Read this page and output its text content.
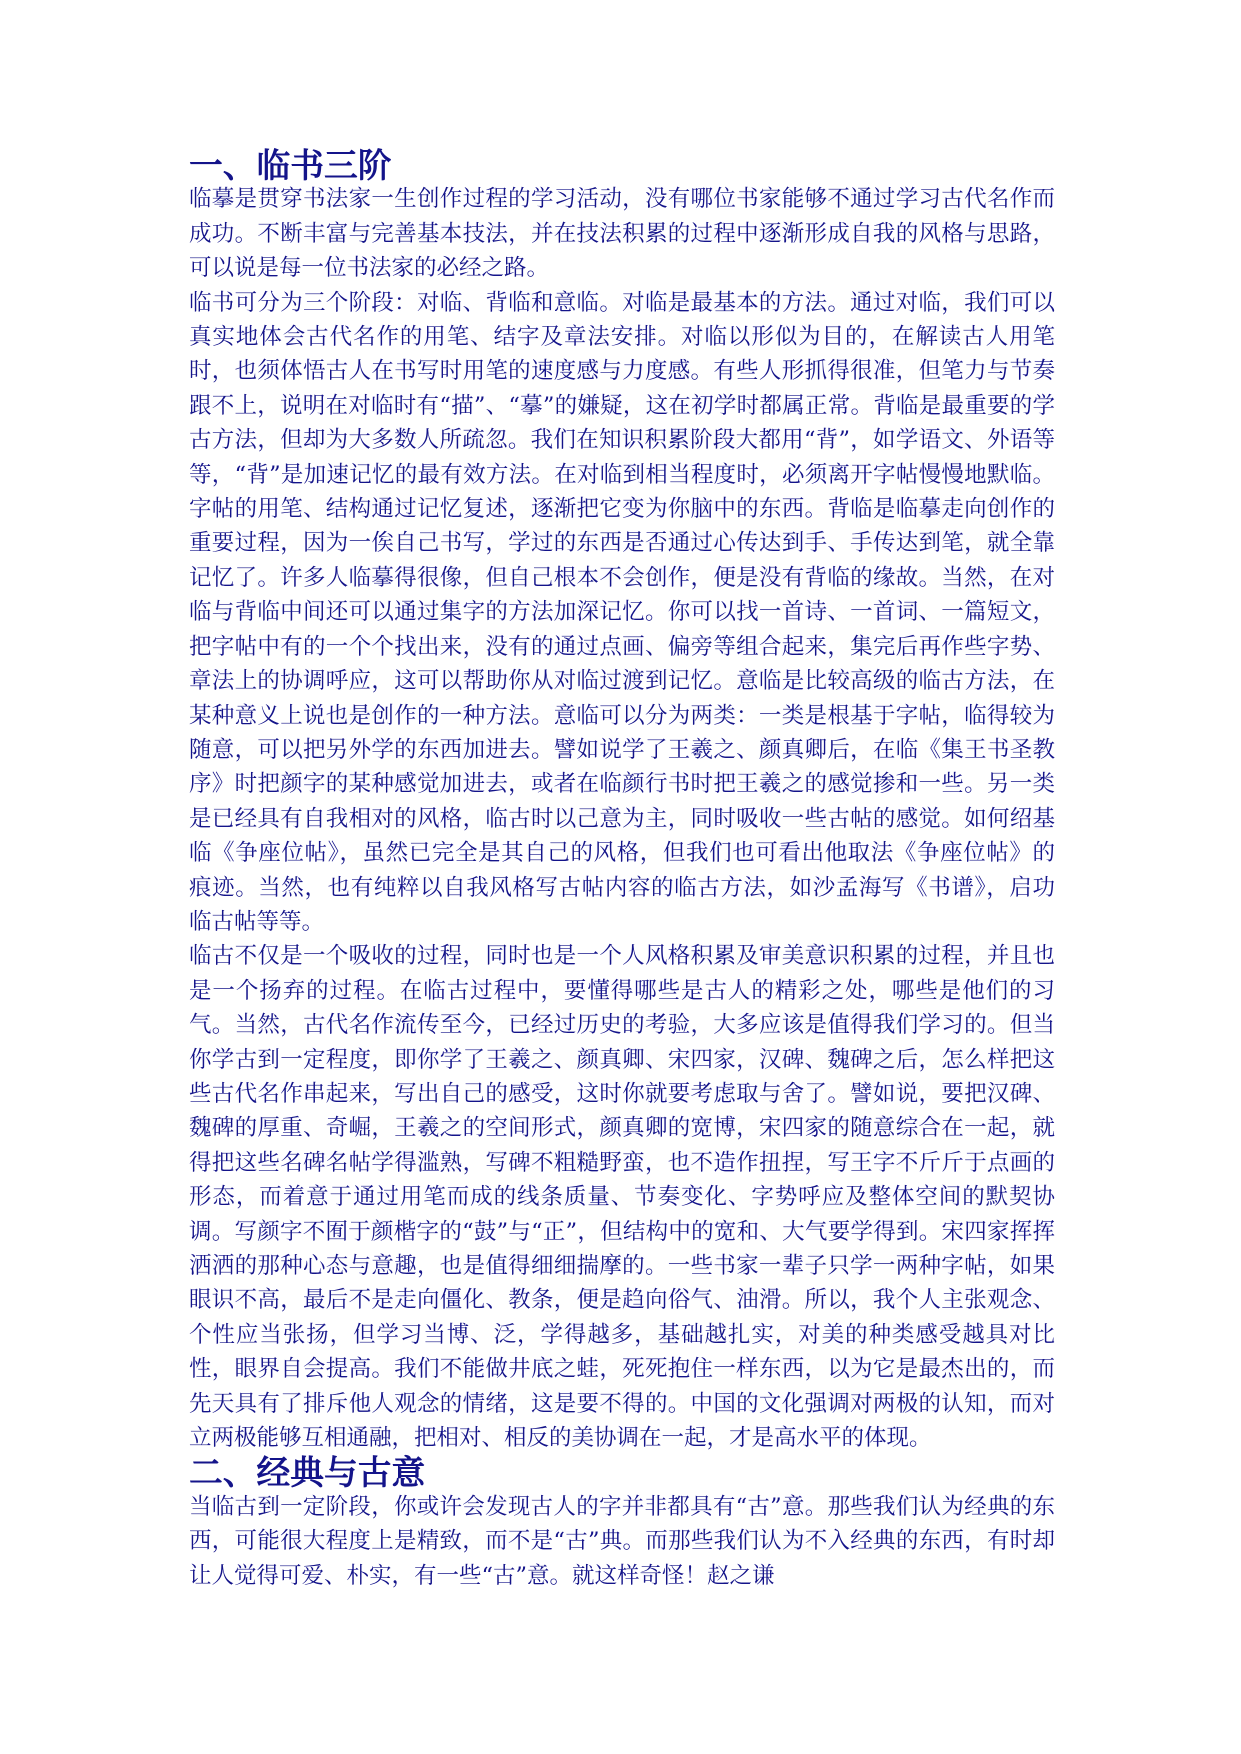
一、临书三阶

临摹是贯穿书法家一生创作过程的学习活动，没有哪位书家能够不通过学习古代名作而成功。不断丰富与完善基本技法，并在技法积累的过程中逐渐形成自我的风格与思路，可以说是每一位书法家的必经之路。

临书可分为三个阶段：对临、背临和意临。对临是最基本的方法。通过对临，我们可以真实地体会古代名作的用笔、结字及章法安排。对临以形似为目的，在解读古人用笔时，也须体悟古人在书写时用笔的速度感与力度感。有些人形抓得很准，但笔力与节奏跟不上，说明在对临时有“描”、“摹”的嫌疑，这在初学时都属正常。背临是最重要的学古方法，但却为大多数人所疏忽。我们在知识积累阶段大都用“背”，如学语文、外语等等，“背”是加速记忆的最有效方法。在对临到相当程度时，必须离开字帖慢慢地默临。字帖的用笔、结构通过记忆复述，逐渐把它变为你脑中的东西。背临是临摹走向创作的重要过程，因为一俟自己书写，学过的东西是否通过心传达到手、手传达到笔，就全靠记忆了。许多人临摹得很像，但自己根本不会创作，便是没有背临的缘故。当然，在对临与背临中间还可以通过集字的方法加深记忆。你可以找一首诗、一首词、一篇短文，把字帖中有的一个个找出来，没有的通过点画、偏旁等组合起来，集完后再作些字势、章法上的协调呼应，这可以帮助你从对临过渡到记忆。意临是比较高级的临古方法，在某种意义上说也是创作的一种方法。意临可以分为两类：一类是根基于字帖，临得较为随意，可以把另外学的东西加进去。譬如说学了王羲之、颜真卿后，在临《集王书圣教序》时把颜字的某种感觉加进去，或者在临颜行书时把王羲之的感觉掺和一些。另一类是已经具有自我相对的风格，临古时以己意为主，同时吸收一些古帖的感觉。如何绍基临《争座位帖》，虽然已完全是其自己的风格，但我们也可看出他取法《争座位帖》的痕迹。当然，也有纯粹以自我风格写古帖内容的临古方法，如沙孟海写《书谱》，启功临古帖等等。

临古不仅是一个吸收的过程，同时也是一个人风格积累及审美意识积累的过程，并且也是一个扬弃的过程。在临古过程中，要懂得哪些是古人的精彩之处，哪些是他们的习气。当然，古代名作流传至今，已经过历史的考验，大多应该是值得我们学习的。但当你学古到一定程度，即你学了王羲之、颜真卿、宋四家，汉碑、魏碑之后，怎么样把这些古代名作串起来，写出自己的感受，这时你就要考虑取与舍了。譬如说，要把汉碑、魏碑的厚重、奇崛，王羲之的空间形式，颜真卿的宽博，宋四家的随意综合在一起，就得把这些名碑名帖学得滥熟，写碑不粗糙野蛮，也不造作扭捏，写王字不斤斤于点画的形态，而着意于通过用笔而成的线条质量、节奏变化、字势呼应及整体空间的默契协调。写颜字不囿于颜楷字的“鼓”与“正”，但结构中的宽和、大气要学得到。宋四家挥挥洒洒的那种心态与意趣，也是值得细细揣摩的。一些书家一辈子只学一两种字帖，如果眼识不高，最后不是走向僵化、教条，便是趋向俗气、油滑。所以，我个人主张观念、个性应当张扬，但学习当博、泛，学得越多，基础越扎实，对美的种类感受越具对比性，眼界自会提高。我们不能做井底之蛙，死死抱住一样东西，以为它是最杰出的，而先天具有了排斥他人观念的情绪，这是要不得的。中国的文化强调对两极的认知，而对立两极能够互相通融，把相对、相反的美协调在一起，才是高水平的体现。

二、经典与古意

当临古到一定阶段，你或许会发现古人的字并非都具有“古”意。那些我们认为经典的东西，可能很大程度上是精致，而不是“古”典。而那些我们认为不入经典的东西，有时却让人觉得可爱、朴实，有一些“古”意。就这样奇怪！赵之谦
